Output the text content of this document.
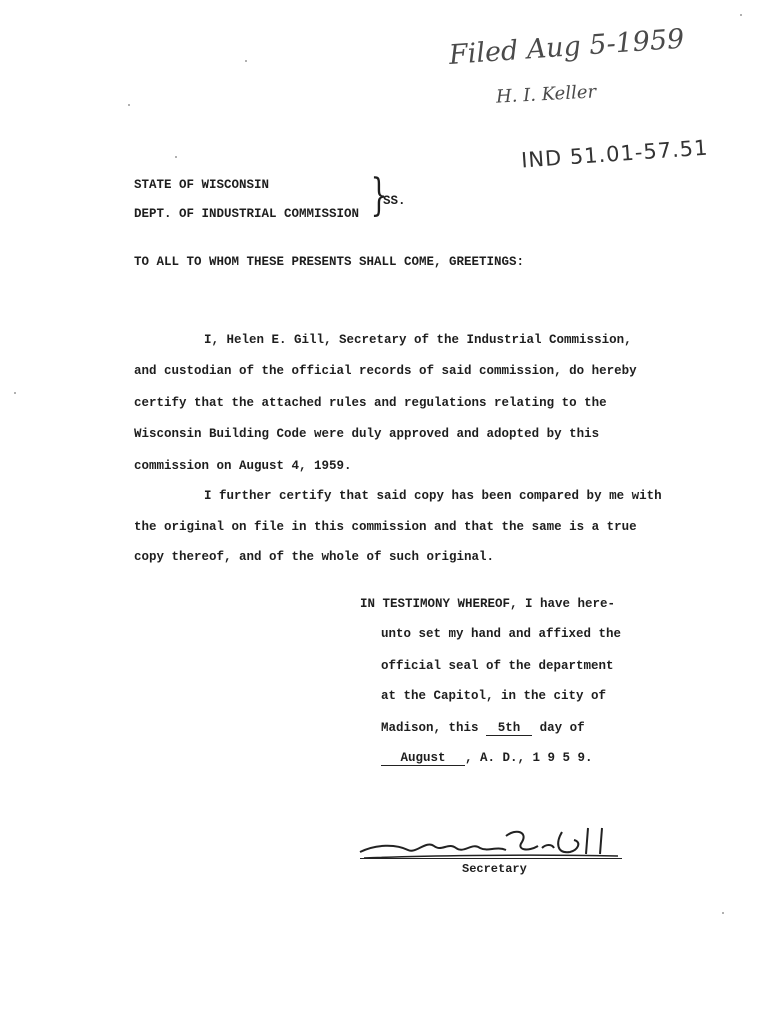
Filed Aug 5-1959
H. I. Keller
IND 51.01-57.51
STATE OF WISCONSIN
DEPT. OF INDUSTRIAL COMMISSION }
SS.
TO ALL TO WHOM THESE PRESENTS SHALL COME, GREETINGS:
I, Helen E. Gill, Secretary of the Industrial Commission,
and custodian of the official records of said commission, do hereby
certify that the attached rules and regulations relating to the
Wisconsin Building Code were duly approved and adopted by this
commission on August 4, 1959.
I further certify that said copy has been compared by me with
the original on file in this commission and that the same is a true
copy thereof, and of the whole of such original.
IN TESTIMONY WHEREOF, I have here-
unto set my hand and affixed the
official seal of the department
at the Capitol, in the city of
Madison, this 5th day of
August , A. D., 1 9 5 9.
Secretary
